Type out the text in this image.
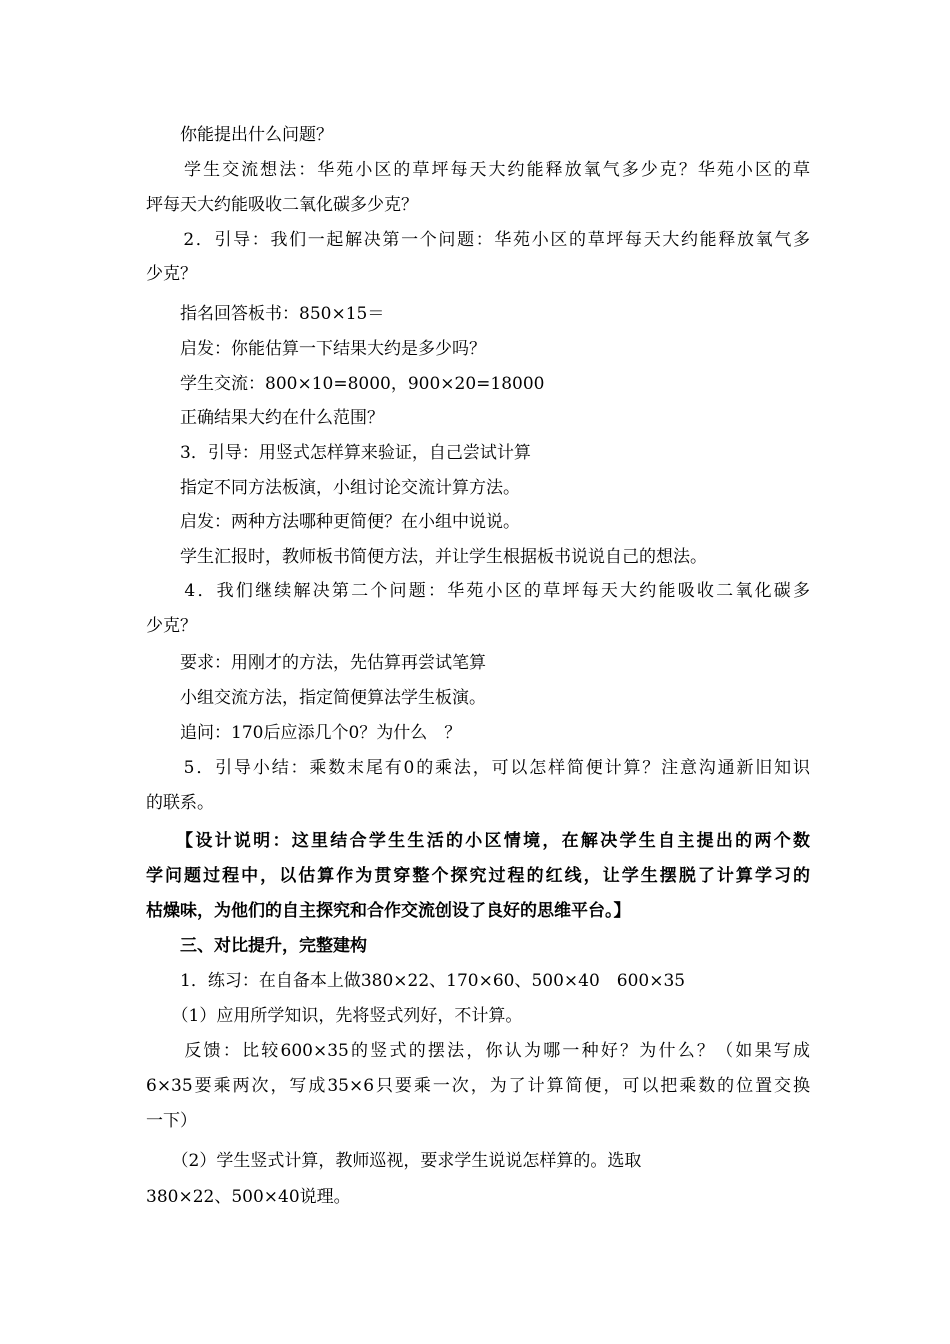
　　你能提出什么问题？
　　学生交流想法：华苑小区的草坪每天大约能释放氧气多少克？华苑小区的草
坪每天大约能吸收二氧化碳多少克？
　　2．引导：我们一起解决第一个问题：华苑小区的草坪每天大约能释放氧气多
少克？
　　指名回答板书：850×15＝
　　启发：你能估算一下结果大约是多少吗？
　　学生交流：800×10=8000，900×20=18000
　　正确结果大约在什么范围？
　　3．引导：用竖式怎样算来验证，自己尝试计算
　　指定不同方法板演，小组讨论交流计算方法。
　　启发：两种方法哪种更简便？在小组中说说。
　　学生汇报时，教师板书简便方法，并让学生根据板书说说自己的想法。
　　4．我们继续解决第二个问题：华苑小区的草坪每天大约能吸收二氧化碳多
少克？
　　要求：用刚才的方法，先估算再尝试笔算
　　小组交流方法，指定简便算法学生板演。
　　追问：170后应添几个0？为什么　？
　　5．引导小结：乘数末尾有0的乘法，可以怎样简便计算？注意沟通新旧知识
的联系。
　　【设计说明：这里结合学生生活的小区情境，在解决学生自主提出的两个数
学问题过程中，以估算作为贯穿整个探究过程的红线，让学生摆脱了计算学习的
枯燥味，为他们的自主探究和合作交流创设了良好的思维平台。】
　　三、对比提升，完整建构
　　1．练习：在自备本上做380×22、170×60、500×40　600×35
　　（1）应用所学知识，先将竖式列好，不计算。
　　反馈：比较600×35的竖式的摆法，你认为哪一种好？为什么？（如果写成
6×35要乘两次，写成35×6只要乘一次，为了计算简便，可以把乘数的位置交换
一下）
　　（2）学生竖式计算，教师巡视，要求学生说说怎样算的。选取
380×22、500×40说理。
